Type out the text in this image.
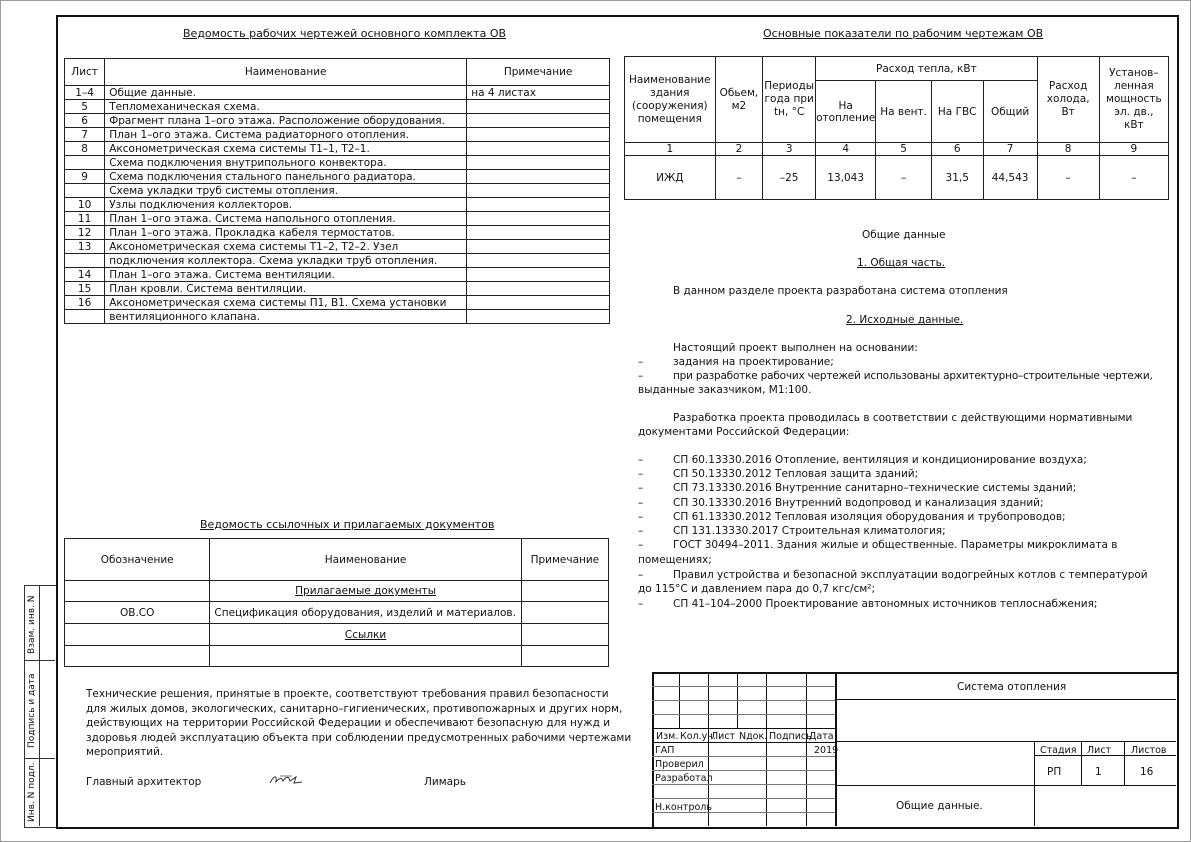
Ведомость рабочих чертежей основного комплекта ОВ
Лист	Наименование	Примечание
1–4	Общие данные.	на 4 листах
5	Тепломеханическая схема.	
6	Фрагмент плана 1–ого этажа. Расположение оборудования.	
7	План 1–ого этажа. Система радиаторного отопления.	
8	Аксонометрическая схема системы Т1–1, Т2–1.	
	Схема подключения внутрипольного конвектора.	
9	Схема подключения стального панельного радиатора.	
	Схема укладки труб системы отопления.	
10	Узлы подключения коллекторов.	
11	План 1–ого этажа. Система напольного отопления.	
12	План 1–ого этажа. Прокладка кабеля термостатов.	
13	Аксонометрическая схема системы Т1–2, Т2–2. Узел	
	подключения коллектора. Схема укладки труб отопления.	
14	План 1–ого этажа. Система вентиляции.	
15	План кровли. Система вентиляции.	
16	Аксонометрическая схема системы П1, В1. Схема установки	
	вентиляционного клапана.	
Основные показатели по рабочим чертежам ОВ
Наименование здания (сооружения) помещения	Обьем, м2	Периоды года при tн, °С	Расход тепла, кВт				Расход холода, Вт	Установ– ленная мощность эл. дв., кВт
			На отопление	На вент.	На ГВС	Общий		
1	2	3	4	5	6	7	8	9
ИЖД	–	–25	13,043	–	31,5	44,543	–	–
Общие данные
1. Общая часть.
В данном разделе проекта разработана система отопления
2. Исходные данные.
Настоящий проект выполнен на основании:
–	задания на проектирование;
–	при разработке рабочих чертежей использованы архитектурно–строительные чертежи,
выданные заказчиком, М1:100.
Разработка проекта проводилась в соответствии с действующими нормативными
документами Российской Федерации:
–	СП 60.13330.2016 Отопление, вентиляция и кондиционирование воздуха;
–	СП 50.13330.2012 Тепловая защита зданий;
–	СП 73.13330.2016 Внутренние санитарно–технические системы зданий;
–	СП 30.13330.2016 Внутренний водопровод и канализация зданий;
–	СП 61.13330.2012 Тепловая изоляция оборудования и трубопроводов;
–	СП 131.13330.2017 Строительная климатология;
–	ГОСТ 30494–2011. Здания жилые и общественные. Параметры микроклимата в
помещениях;
–	Правил устройства и безопасной эксплуатации водогрейных котлов с температурой
до 115°С и давлением пара до 0,7 кгс/см²;
–	СП 41–104–2000 Проектирование автономных источников теплоснабжения;
Ведомость ссылочных и прилагаемых документов
Обозначение	Наименование	Примечание
	Прилагаемые документы	
ОВ.СО	Спецификация оборудования, изделий и материалов.	
	Ссылки	

Технические решения, принятые в проекте, соответствуют требования правил безопасности
для жилых домов, экологических, санитарно–гигиенических, противопожарных и других норм,
действующих на территории Российской Федерации и обеспечивают безопасную для нужд и
здоровья людей эксплуатацию объекта при соблюдении предусмотренных рабочими чертежами
мероприятий.
Главный архитектор	Лимарь
Взам. инв. N
Подпись и дата
Инв. N подл.
Изм. Кол.уч.
Лист Nдок. Подпись
Дата
ГАП
Проверил
Разработал
Н.контроль
2019
Система отопления
Общие данные.
Стадия Лист Листов
РП	1	16
